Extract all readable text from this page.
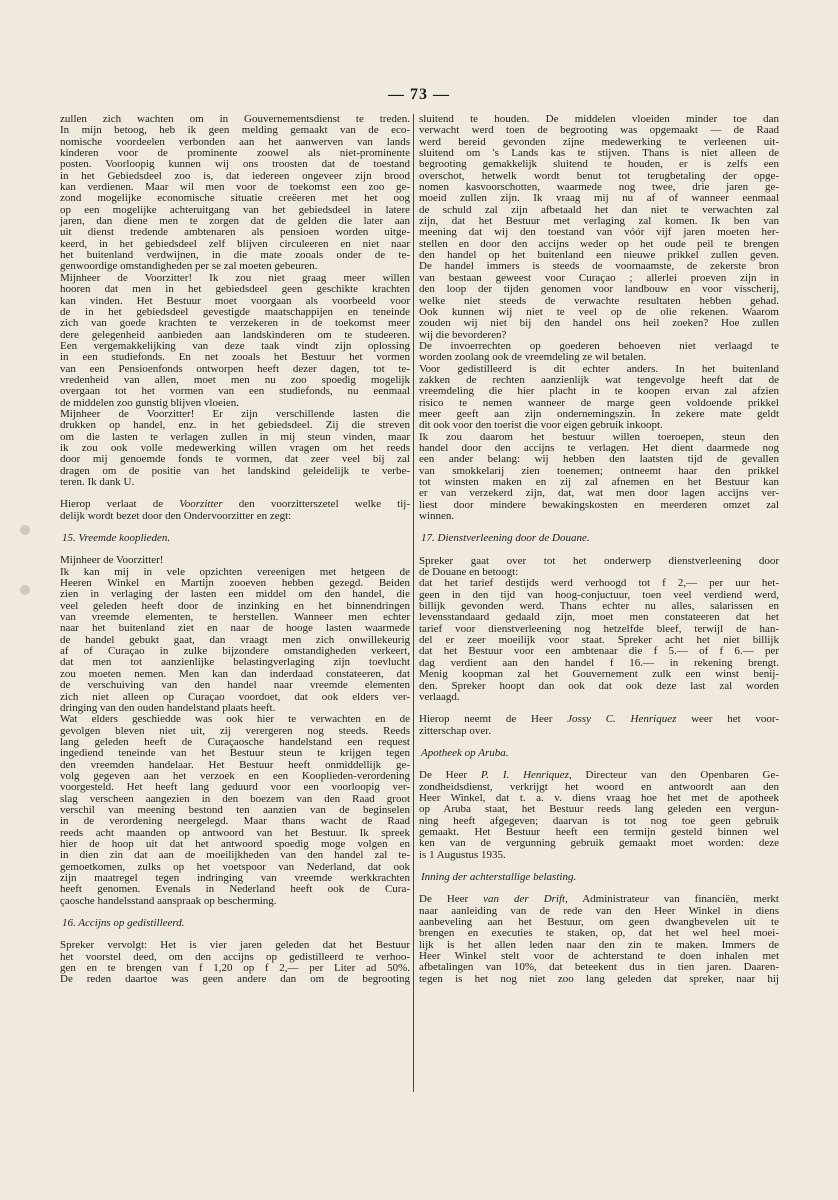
— 73 —
zullen zich wachten om in Gouvernementsdienst te treden.
In mijn betoog, heb ik geen melding gemaakt van de eco-
nomische voordeelen verbonden aan het aanwerven van lands
kinderen voor de prominente zoowel als niet-prominente
posten. Voorloopig kunnen wij ons troosten dat de toestand
in het Gebiedsdeel zoo is, dat iedereen ongeveer zijn brood
kan verdienen. Maar wil men voor de toekomst een zoo ge-
zond mogelijke economische situatie creëeren met het oog
op een mogelijke achteruitgang van het gebiedsdeel in latere
jaren, dan diene men te zorgen dat de gelden die later aan
uit dienst tredende ambtenaren als pensioen worden uitge-
keerd, in het gebiedsdeel zelf blijven circuleeren en niet naar
het buitenland verdwijnen, in die mate zooals onder de te-
genwoordige omstandigheden per se zal moeten gebeuren.
Mijnheer de Voorzitter! Ik zou niet graag meer willen
hooren dat men in het gebiedsdeel geen geschikte krachten
kan vinden. Het Bestuur moet voorgaan als voorbeeld voor
de in het gebiedsdeel gevestigde maatschappijen en teneinde
zich van goede krachten te verzekeren in de toekomst meer
dere gelegenheid aanbieden aan landskinderen om te studeeren.
Een vergemakkelijking van deze taak vindt zijn oplossing
in een studiefonds. En net zooals het Bestuur het vormen
van een Pensioenfonds ontworpen heeft dezer dagen, tot te-
vredenheid van allen, moet men nu zoo spoedig mogelijk
overgaan tot het vormen van een studiefonds, nu eenmaal
de middelen zoo gunstig blijven vloeien.
Mijnheer de Voorzitter! Er zijn verschillende lasten die
drukken op handel, enz. in het gebiedsdeel. Zij die streven
om die lasten te verlagen zullen in mij steun vinden, maar
ik zou ook volle medewerking willen vragen om het reeds
door mij genoemde fonds te vormen, dat zeer veel bij zal
dragen om de positie van het landskind geleidelijk te verbe-
teren. Ik dank U.
Hierop verlaat de Voorzitter den voorzitterszetel welke tij-
delijk wordt bezet door den Ondervoorzitter en zegt:
15. Vreemde kooplieden.
Mijnheer de Voorzitter!
Ik kan mij in vele opzichten vereenigen met hetgeen de
Heeren Winkel en Martijn zooeven hebben gezegd. Beiden
zien in verlaging der lasten een middel om den handel, die
veel geleden heeft door de inzinking en het binnendringen
van vreemde elementen, te herstellen. Wanneer men echter
naar het buitenland ziet en naar de hooge lasten waarmede
de handel gebukt gaat, dan vraagt men zich onwillekeurig
af of Curaçao in zulke bijzondere omstandigheden verkeert,
dat men tot aanzienlijke belastingverlaging zijn toevlucht
zou moeten nemen. Men kan dan inderdaad constateeren, dat
de verschuiving van den handel naar vreemde elementen
zich niet alleen op Curaçao voordoet, dat ook elders ver-
dringing van den ouden handelstand plaats heeft.
Wat elders geschiedde was ook hier te verwachten en de
gevolgen bleven niet uit, zij verergeren nog steeds. Reeds
lang geleden heeft de Curaçaosche handelstand een request
ingediend teneinde van het Bestuur steun te krijgen tegen
den vreemden handelaar. Het Bestuur heeft onmiddellijk ge-
volg gegeven aan het verzoek en een Kooplieden-verordening
voorgesteld. Het heeft lang geduurd voor een voorloopig ver-
slag verscheen aangezien in den boezem van den Raad groot
verschil van meening bestond ten aanzien van de beginselen
in de verordening neergelegd. Maar thans wacht de Raad
reeds acht maanden op antwoord van het Bestuur. Ik spreek
hier de hoop uit dat het antwoord spoedig moge volgen en
in dien zin dat aan de moeilijkheden van den handel zal te-
gemoetkomen, zulks op het voetspoor van Nederland, dat ook
zijn maatregel tegen indringing van vreemde werkkrachten
heeft genomen. Evenals in Nederland heeft ook de Cura-
çaosche handelsstand aanspraak op bescherming.
16. Accijns op gedistilleerd.
Spreker vervolgt: Het is vier jaren geleden dat het Bestuur
het voorstel deed, om den accijns op gedistilleerd te verhoo-
gen en te brengen van f 1,20 op f 2,— per Liter ad 50%.
De reden daartoe was geen andere dan om de begrooting
sluitend te houden. De middelen vloeiden minder toe dan
verwacht werd toen de begrooting was opgemaakt — de Raad
werd bereid gevonden zijne medewerking te verleenen uit-
sluitend om 's Lands kas te stijven. Thans is niet alleen de
begrooting gemakkelijk sluitend te houden, er is zelfs een
overschot, hetwelk wordt benut tot terugbetaling der opge-
nomen kasvoorschotten, waarmede nog twee, drie jaren ge-
moeid zullen zijn. Ik vraag mij nu af of wanneer eenmaal
de schuld zal zijn afbetaald het dan niet te verwachten zal
zijn, dat het Bestuur met verlaging zal komen. Ik ben van
meening dat wij den toestand van vóór vijf jaren moeten her-
stellen en door den accijns weder op het oude peil te brengen
den handel op het buitenland een nieuwe prikkel zullen geven.
De handel immers is steeds de voornaamste, de zekerste bron
van bestaan geweest voor Curaçao ; allerlei proeven zijn in
den loop der tijden genomen voor landbouw en voor visscherij,
welke niet steeds de verwachte resultaten hebben gehad.
Ook kunnen wij niet te veel op de olie rekenen. Waarom
zouden wij niet bij den handel ons heil zoeken? Hoe zullen
wij die bevorderen?
De invoerrechten op goederen behoeven niet verlaagd te
worden zoolang ook de vreemdeling ze wil betalen.
Voor gedistilleerd is dit echter anders. In het buitenland
zakken de rechten aanzienlijk wat tengevolge heeft dat de
vreemdeling die hier placht in te koopen ervan zal afzien
risico te nemen wanneer de marge geen voldoende prikkel
meer geeft aan zijn ondernemingszin. In zekere mate geldt
dit ook voor den toerist die voor eigen gebruik inkoopt.
Ik zou daarom het bestuur willen toeroepen, steun den
handel door den accijns te verlagen. Het dient daarmede nog
een ander belang: wij hebben den laatsten tijd de gevallen
van smokkelarij zien toenemen; ontneemt haar den prikkel
tot winsten maken en zij zal afnemen en het Bestuur kan
er van verzekerd zijn, dat, wat men door lagen accijns ver-
liest door mindere bewakingskosten en meerderen omzet zal
winnen.
17. Dienstverleening door de Douane.
Spreker gaat over tot het onderwerp dienstverleening door
de Douane en betoogt:
dat het tarief destijds werd verhoogd tot f 2,— per uur het-
geen in den tijd van hoog-conjuctuur, toen veel verdiend werd,
billijk gevonden werd. Thans echter nu alles, salarissen en
levensstandaard gedaald zijn, moet men constateeren dat het
tarief voor dienstverleening nog hetzelfde bleef, terwijl de han-
del er zeer moeilijk voor staat. Spreker acht het niet billijk
dat het Bestuur voor een ambtenaar die f 5.— of f 6.— per
dag verdient aan den handel f 16.— in rekening brengt.
Menig koopman zal het Gouvernement zulk een winst benij-
den. Spreker hoopt dan ook dat ook deze last zal worden
verlaagd.
Hierop neemt de Heer Jossy C. Henriquez weer het voor-
zitterschap over.
Apotheek op Aruba.
De Heer P. I. Henriquez, Directeur van den Openbaren Ge-
zondheidsdienst, verkrijgt het woord en antwoordt aan den
Heer Winkel, dat t. a. v. diens vraag hoe het met de apotheek
op Aruba staat, het Bestuur reeds lang geleden een vergun-
ning heeft afgegeven; daarvan is tot nog toe geen gebruik
gemaakt. Het Bestuur heeft een termijn gesteld binnen wel
ken van de vergunning gebruik gemaakt moet worden: deze
is 1 Augustus 1935.
Inning der achterstallige belasting.
De Heer van der Drift, Administrateur van financiën, merkt
naar aanleiding van de rede van den Heer Winkel in diens
aanbeveling aan het Bestuur, om geen dwangbevelen uit te
brengen en executies te staken, op, dat het wel heel moei-
lijk is het allen leden naar den zin te maken. Immers de
Heer Winkel stelt voor de achterstand te doen inhalen met
afbetalingen van 10%, dat beteekent dus in tien jaren. Daaren-
tegen is het nog niet zoo lang geleden dat spreker, naar hij
